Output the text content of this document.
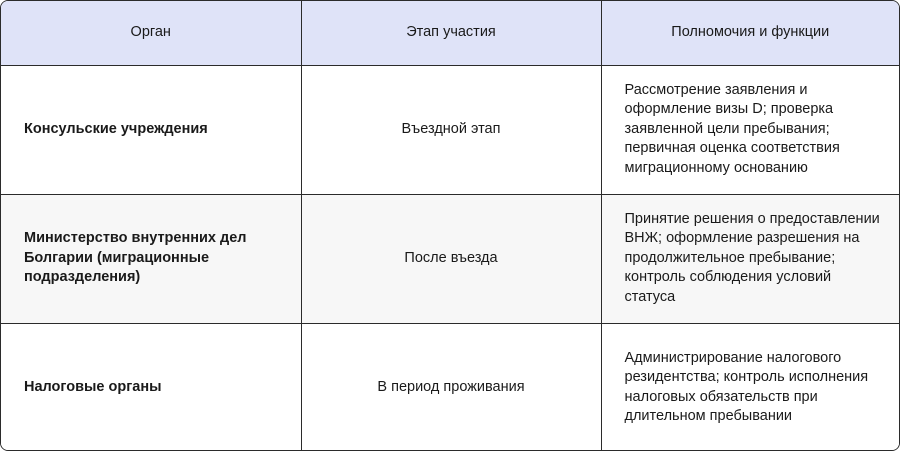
Орган	Этап участия	Полномочия и функции
Консульские учреждения	Въездной этап	Рассмотрение заявления и оформление визы D; проверка заявленной цели пребывания; первичная оценка соответствия миграционному основанию
Министерство внутренних дел Болгарии (миграционные подразделения)	После въезда	Принятие решения о предоставлении ВНЖ; оформление разрешения на продолжительное пребывание; контроль соблюдения условий статуса
Налоговые органы	В период проживания	Администрирование налогового резидентства; контроль исполнения налоговых обязательств при длительном пребывании
